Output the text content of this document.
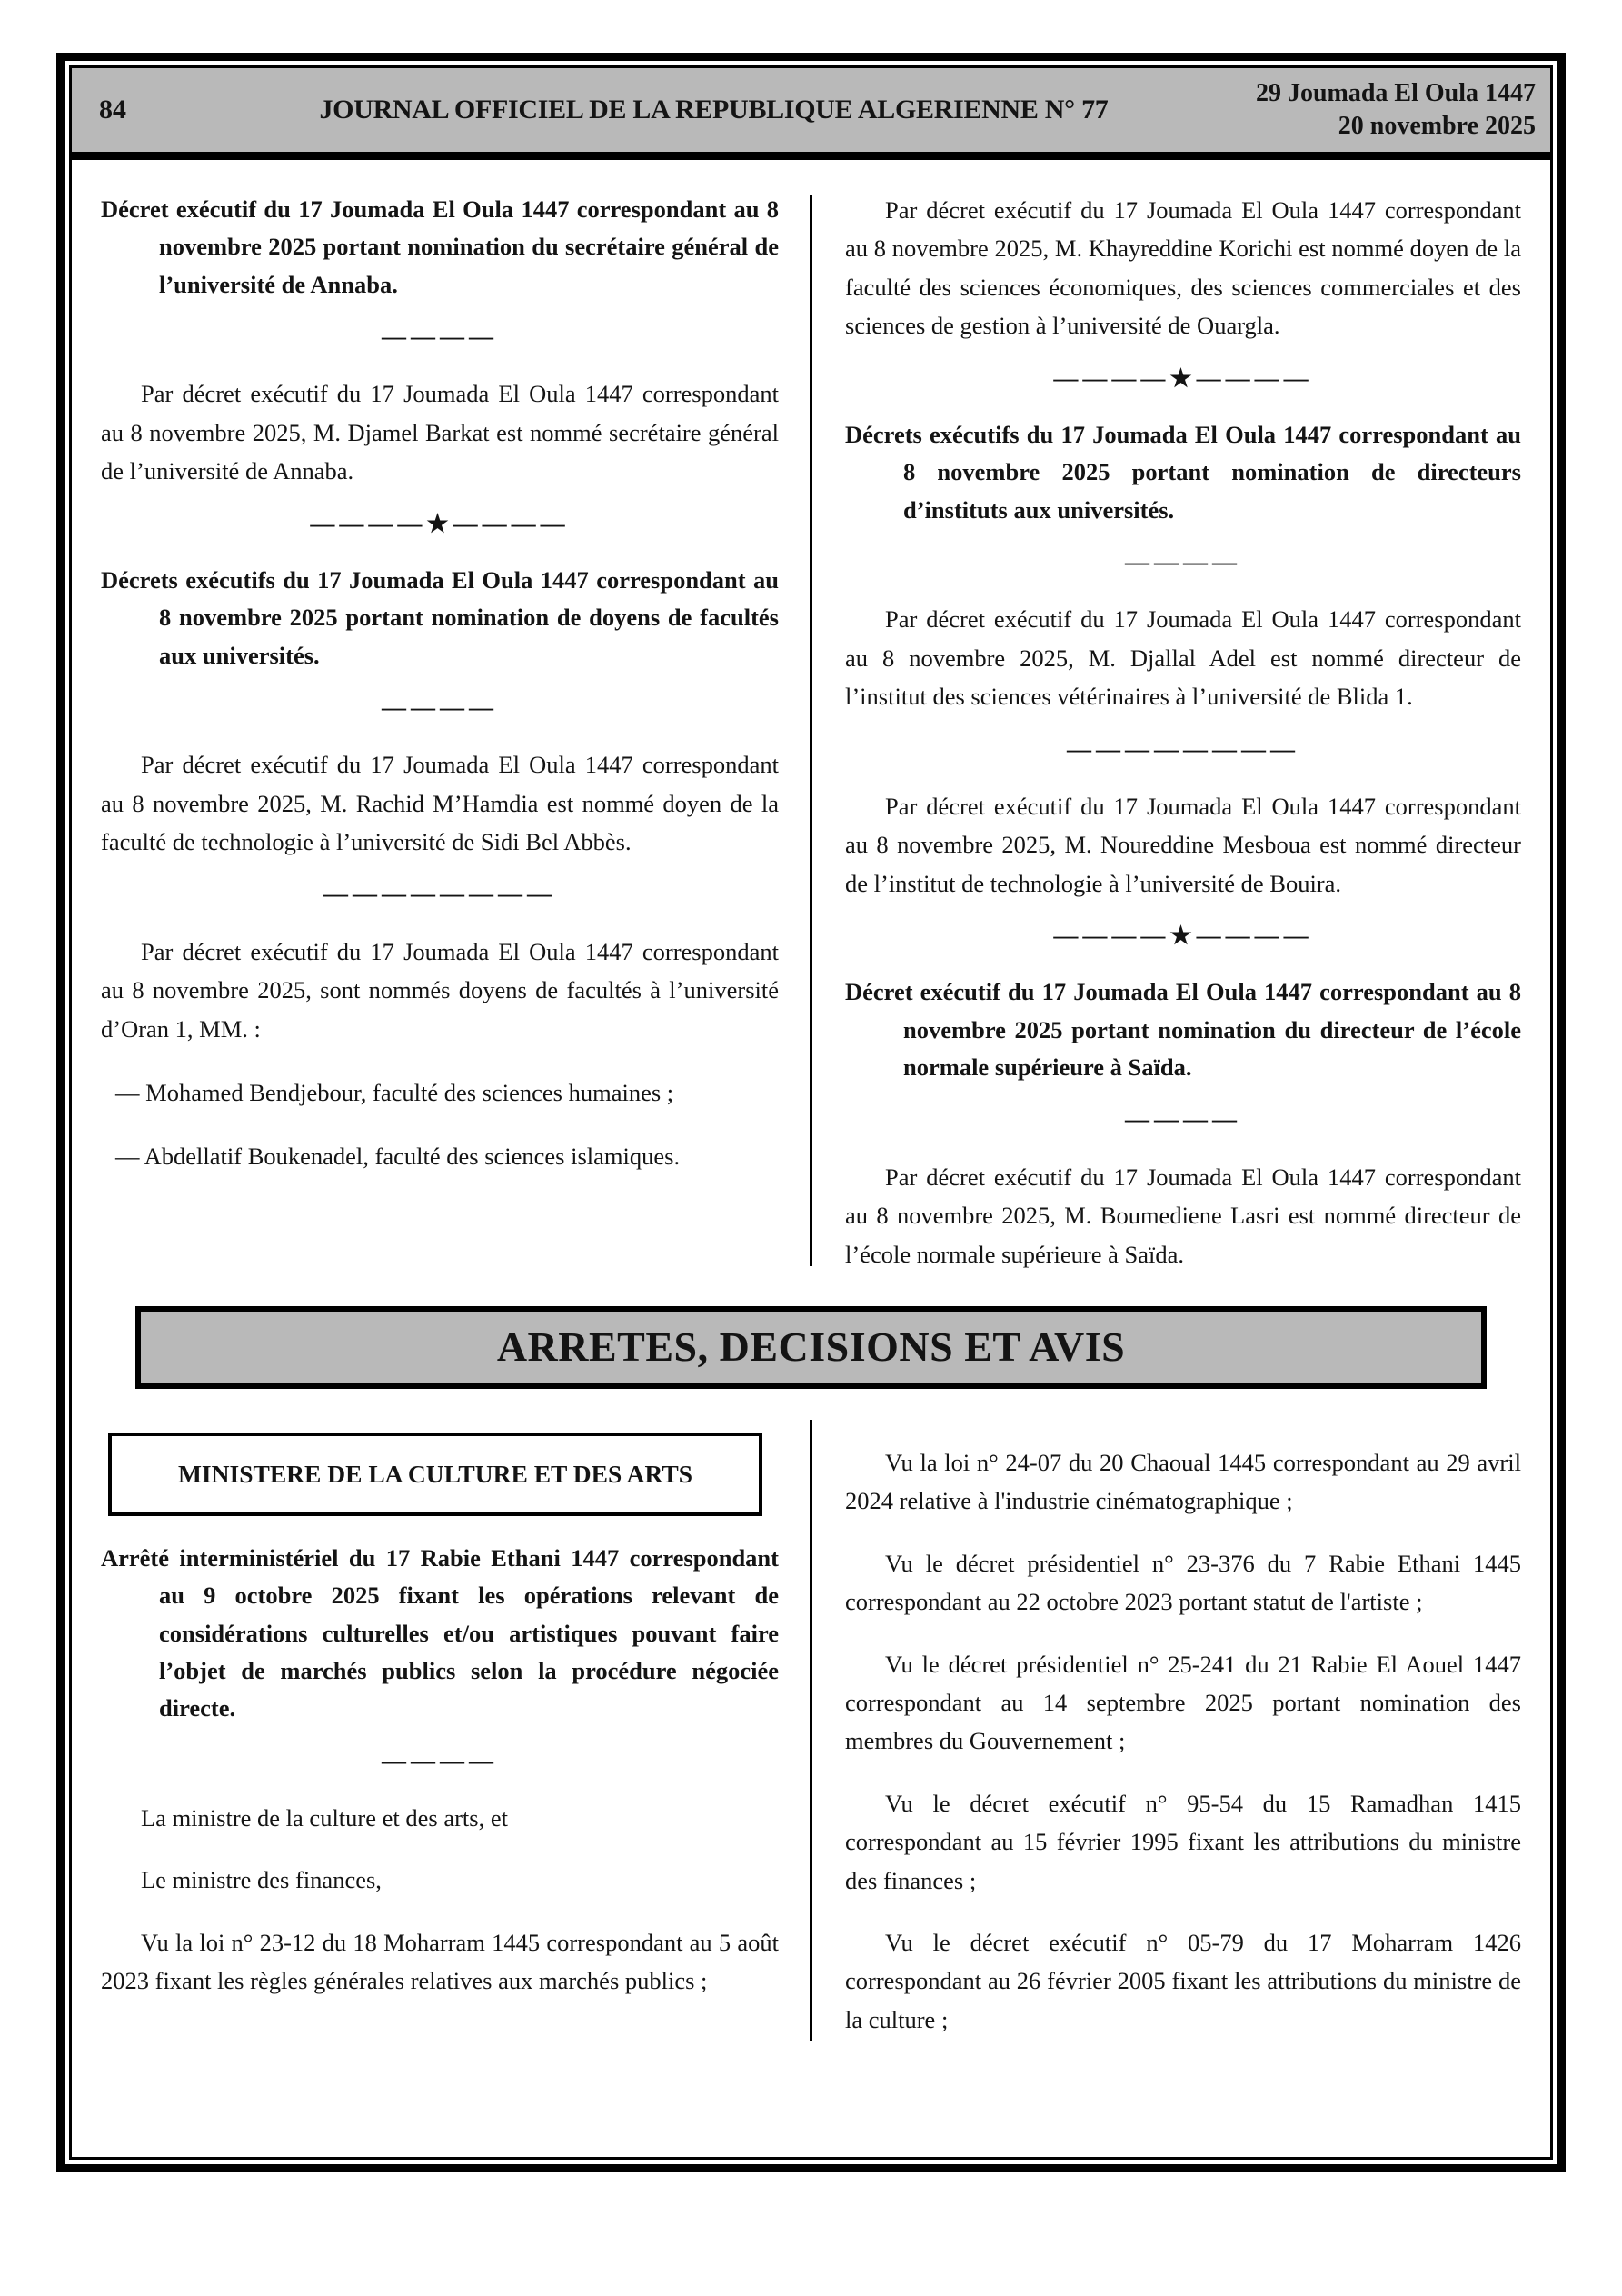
84	JOURNAL OFFICIEL DE LA REPUBLIQUE ALGERIENNE N° 77
29 Joumada El Oula 1447
20 novembre 2025

Décret exécutif du 17 Joumada El Oula 1447 correspondant au 8 novembre 2025 portant nomination du secrétaire général de l’université de Annaba.

————

Par décret exécutif du 17 Joumada El Oula 1447 correspondant au 8 novembre 2025, M. Djamel Barkat est nommé secrétaire général de l’université de Annaba.

————★————

Décrets exécutifs du 17 Joumada El Oula 1447 correspondant au 8 novembre 2025 portant nomination de doyens de facultés aux universités.

————

Par décret exécutif du 17 Joumada El Oula 1447 correspondant au 8 novembre 2025, M. Rachid M’Hamdia est nommé doyen de la faculté de technologie à l’université de Sidi Bel Abbès.

————————

Par décret exécutif du 17 Joumada El Oula 1447 correspondant au 8 novembre 2025, sont nommés doyens de facultés à l’université d’Oran 1, MM. :

— Mohamed Bendjebour, faculté des sciences humaines ;

— Abdellatif Boukenadel, faculté des sciences islamiques.

Par décret exécutif du 17 Joumada El Oula 1447 correspondant au 8 novembre 2025, M. Khayreddine Korichi est nommé doyen de la faculté des sciences économiques, des sciences commerciales et des sciences de gestion à l’université de Ouargla.

————★————

Décrets exécutifs du 17 Joumada El Oula 1447 correspondant au 8 novembre 2025 portant nomination de directeurs d’instituts aux universités.

————

Par décret exécutif du 17 Joumada El Oula 1447 correspondant au 8 novembre 2025, M. Djallal Adel est nommé directeur de l’institut des sciences vétérinaires à l’université de Blida 1.

————————

Par décret exécutif du 17 Joumada El Oula 1447 correspondant au 8 novembre 2025, M. Noureddine Mesboua est nommé directeur de l’institut de technologie à l’université de Bouira.

————★————

Décret exécutif du 17 Joumada El Oula 1447 correspondant au 8 novembre 2025 portant nomination du directeur de l’école normale supérieure à Saïda.

————

Par décret exécutif du 17 Joumada El Oula 1447 correspondant au 8 novembre 2025, M. Boumediene Lasri est nommé directeur de l’école normale supérieure à Saïda.

ARRETES, DECISIONS ET AVIS
MINISTERE DE LA CULTURE ET DES ARTS

Arrêté interministériel du 17 Rabie Ethani 1447 correspondant au 9 octobre 2025 fixant les opérations relevant de considérations culturelles et/ou artistiques pouvant faire l’objet de marchés publics selon la procédure négociée directe.

————

La ministre de la culture et des arts, et

Le ministre des finances,

Vu la loi n° 23-12 du 18 Moharram 1445 correspondant au 5 août 2023 fixant les règles générales relatives aux marchés publics ;

Vu la loi n° 24-07 du 20 Chaoual 1445 correspondant au 29 avril 2024 relative à l'industrie cinématographique ;

Vu le décret présidentiel n° 23-376 du 7 Rabie Ethani 1445 correspondant au 22 octobre 2023 portant statut de l'artiste ;

Vu le décret présidentiel n° 25-241 du 21 Rabie El Aouel 1447 correspondant au 14 septembre 2025 portant nomination des membres du Gouvernement ;

Vu le décret exécutif n° 95-54 du 15 Ramadhan 1415 correspondant au 15 février 1995 fixant les attributions du ministre des finances ;

Vu le décret exécutif n° 05-79 du 17 Moharram 1426 correspondant au 26 février 2005 fixant les attributions du ministre de la culture ;
